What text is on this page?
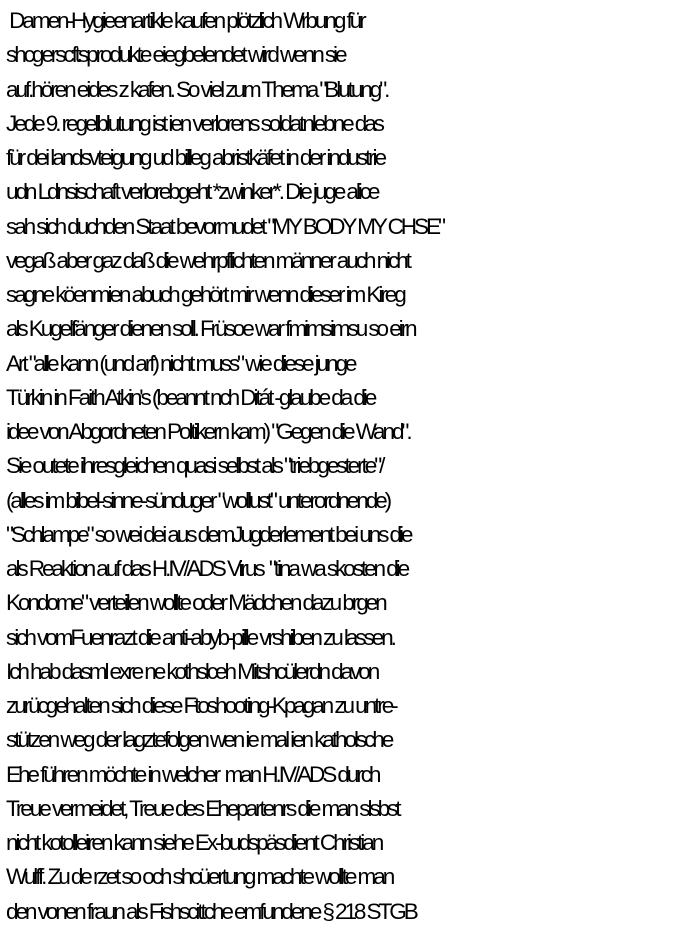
Damen-Hygieenartikle kaufen plötzlich Wrbung für
shcgerscftsprodukte eiegbelendet wird wenn sie
auf.hören eides z kafen. So viel zum Thema "Blutung".
Jede 9. regelblutung ist ien verlorens soldatnlebne das
für dei landsvteigung ud billeg abristkäfet in der industrie
udn Ldnsischaft verlorebgeht *zwinker*. Die juge alice
sah sich duchden Staat bevormudet "MY BODY MY CHSE"
vegaß aber gaz daß die wehrpflichten männer auch nicht
sagne köenmien abuch gehört mir wenn dieser im Kireg
als Kugelfänger dienen soll. Früsoe war fmimsimsu so eirn
Art "alle kann (und arf) nicht muss" wie diese junge
Türkin in Faith Atkin's (beannt nch Ditát -glaube da die
idee von Abgordneten Poltikern kam) "Gegen die Wand".
Sie outete ihresgleichen quasi selbst als "triebgesterte"/
(alles im bibel-sinne-sünduger "wollust" unterordnende)
"Schlampe" so wei dei aus demJugderlement bei uns die
als Reaktion auf das H.IV/ADS Virus  "tina wa skosten die
Kondome" verteilen wollte oder Mädchen dazu brgen
sich vomFuenrazt die anti-abyb-pille vrshiben zu lassen.
Ich hab dasml exre ne kothslceh Mitshcülerdn davon
zurücgehalten sich diese Ftoshooting-Kpagan zu untre-
stützen weg der lagztefolgen wen ie mal ien katholsche
Ehe führen möchte in welcher  man H.IV/ADS durch
Treue vermeidet, Treue des Ehepartenrs die man slsbst
nicht kotolleiren kann siehe Ex-budspäsdient Christian
Wulff. Zu de rzet so och shcüertung machte wollte man
den vonen fraun als Fishscittche emfundene § 218 STGB
